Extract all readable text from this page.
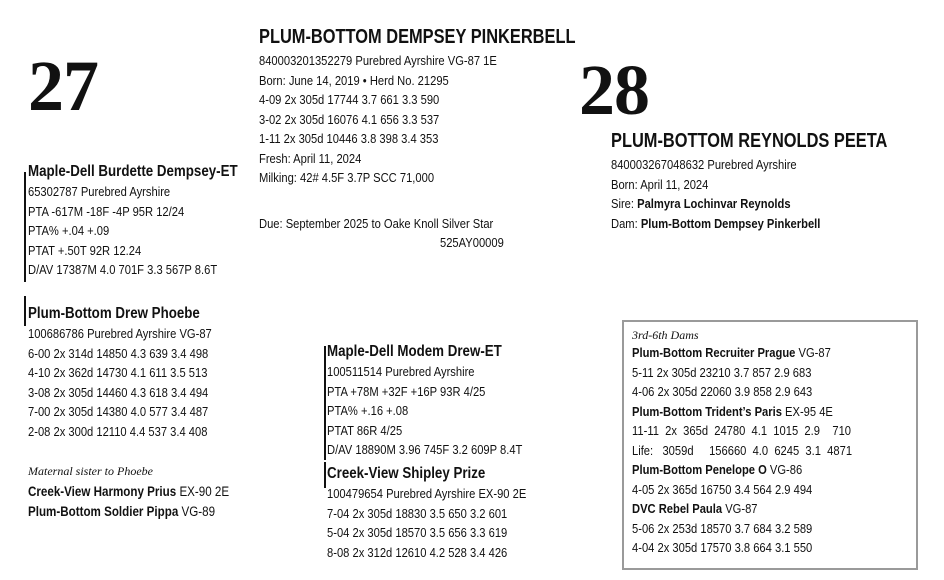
27
PLUM-BOTTOM DEMPSEY PINKERBELL
840003201352279 Purebred Ayrshire VG-87 1E
Born: June 14, 2019 • Herd No. 21295
4-09 2x 305d 17744 3.7 661 3.3 590
3-02 2x 305d 16076 4.1 656 3.3 537
1-11 2x 305d 10446 3.8 398 3.4 353
Fresh: April 11, 2024
Milking: 42# 4.5F 3.7P SCC 71,000
Due: September 2025 to Oake Knoll Silver Star
525AY00009
Maple-Dell Burdette Dempsey-ET
65302787 Purebred Ayrshire
PTA -617M -18F -4P 95R 12/24
PTA% +.04 +.09
PTAT +.50T 92R 12.24
D/AV 17387M 4.0 701F 3.3 567P 8.6T
Plum-Bottom Drew Phoebe
100686786 Purebred Ayrshire VG-87
6-00 2x 314d 14850 4.3 639 3.4 498
4-10 2x 362d 14730 4.1 611 3.5 513
3-08 2x 305d 14460 4.3 618 3.4 494
7-00 2x 305d 14380 4.0 577 3.4 487
2-08 2x 300d 12110 4.4 537 3.4 408
Maternal sister to Phoebe
Creek-View Harmony Prius EX-90 2E
Plum-Bottom Soldier Pippa VG-89
Maple-Dell Modem Drew-ET
100511514 Purebred Ayrshire
PTA +78M +32F +16P 93R 4/25
PTA% +.16 +.08
PTAT 86R 4/25
D/AV 18890M 3.96 745F 3.2 609P 8.4T
Creek-View Shipley Prize
100479654 Purebred Ayrshire EX-90 2E
7-04 2x 305d 18830 3.5 650 3.2 601
5-04 2x 305d 18570 3.5 656 3.3 619
8-08 2x 312d 12610 4.2 528 3.4 426
28
PLUM-BOTTOM REYNOLDS PEETA
840003267048632 Purebred Ayrshire
Born: April 11, 2024
Sire: Palmyra Lochinvar Reynolds
Dam: Plum-Bottom Dempsey Pinkerbell
3rd-6th Dams
Plum-Bottom Recruiter Prague VG-87
5-11 2x 305d 23210 3.7 857 2.9 683
4-06 2x 305d 22060 3.9 858 2.9 643
Plum-Bottom Trident’s Paris EX-95 4E
11-11  2x  365d  24780  4.1  1015  2.9    710
Life:   3059d     156660  4.0  6245  3.1  4871
Plum-Bottom Penelope O VG-86
4-05 2x 365d 16750 3.4 564 2.9 494
DVC Rebel Paula VG-87
5-06 2x 253d 18570 3.7 684 3.2 589
4-04 2x 305d 17570 3.8 664 3.1 550
